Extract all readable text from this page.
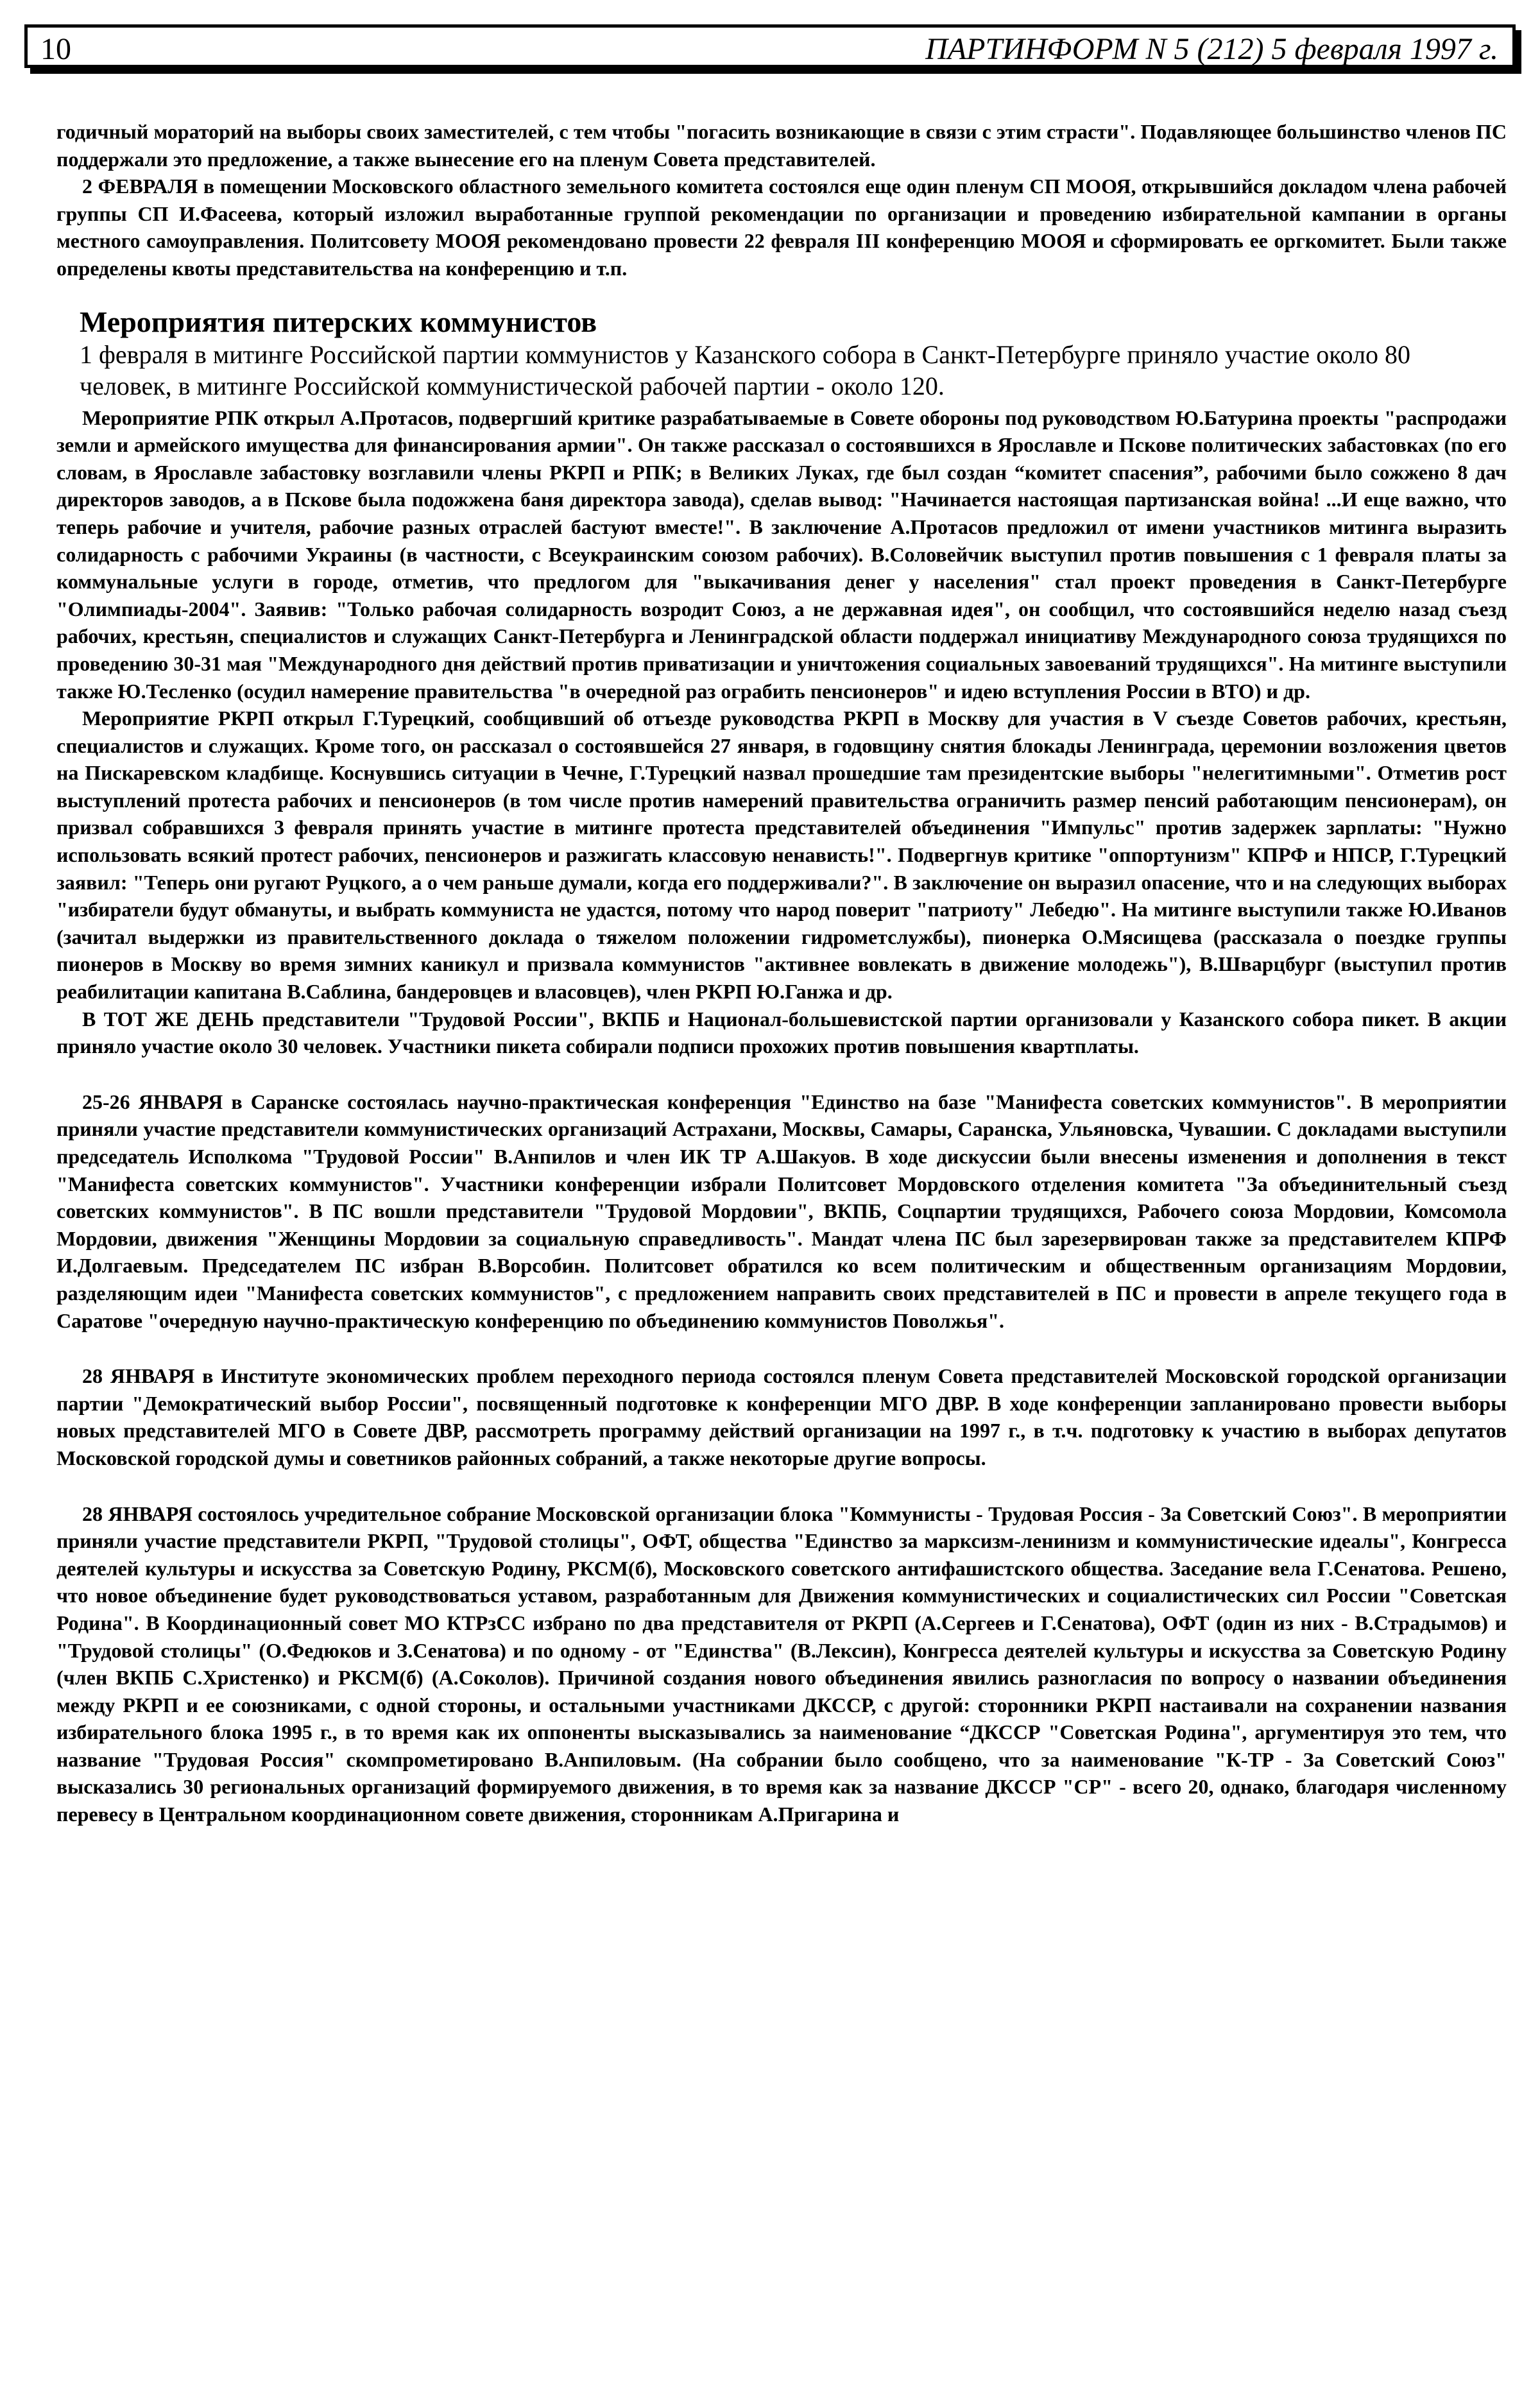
10	ПАРТИНФОРМ N 5 (212) 5 февраля 1997 г.

годичный мораторий на выборы своих заместителей, с тем чтобы "погасить возникающие в связи с этим страсти". Подавляющее большинство членов ПС поддержали это предложение, а также вынесение его на пленум Совета представителей.

2 ФЕВРАЛЯ в помещении Московского областного земельного комитета состоялся еще один пленум СП МООЯ, открывшийся докладом члена рабочей группы СП И.Фасеева, который изложил выработанные группой рекомендации по организации и проведению избирательной кампании в органы местного самоуправления. Политсовету МООЯ рекомендовано провести 22 февраля III конференцию МООЯ и сформировать ее оргкомитет. Были также определены квоты представительства на конференцию и т.п.

Мероприятия питерских коммунистов

1 февраля в митинге Российской партии коммунистов у Казанского собора в Санкт-Петербурге приняло участие около 80 человек, в митинге Российской коммунистической рабочей партии - около 120.

Мероприятие РПК открыл А.Протасов, подвергший критике разрабатываемые в Совете обороны под руководством Ю.Батурина проекты "распродажи земли и армейского имущества для финансирования армии". Он также рассказал о состоявшихся в Ярославле и Пскове политических забастовках (по его словам, в Ярославле забастовку возглавили члены РКРП и РПК; в Великих Луках, где был создан “комитет спасения”, рабочими было сожжено 8 дач директоров заводов, а в Пскове была подожжена баня директора завода), сделав вывод: "Начинается настоящая партизанская война! ...И еще важно, что теперь рабочие и учителя, рабочие разных отраслей бастуют вместе!". В заключение А.Протасов предложил от имени участников митинга выразить солидарность с рабочими Украины (в частности, с Всеукраинским союзом рабочих). В.Соловейчик выступил против повышения с 1 февраля платы за коммунальные услуги в городе, отметив, что предлогом для "выкачивания денег у населения" стал проект проведения в Санкт-Петербурге "Олимпиады-2004". Заявив: "Только рабочая солидарность возродит Союз, а не державная идея", он сообщил, что состоявшийся неделю назад съезд рабочих, крестьян, специалистов и служащих Санкт-Петербурга и Ленинградской области поддержал инициативу Международного союза трудящихся по проведению 30-31 мая "Международного дня действий против приватизации и уничтожения социальных завоеваний трудящихся". На митинге выступили также Ю.Тесленко (осудил намерение правительства "в очередной раз ограбить пенсионеров" и идею вступления России в ВТО) и др.

Мероприятие РКРП открыл Г.Турецкий, сообщивший об отъезде руководства РКРП в Москву для участия в V съезде Советов рабочих, крестьян, специалистов и служащих. Кроме того, он рассказал о состоявшейся 27 января, в годовщину снятия блокады Ленинграда, церемонии возложения цветов на Пискаревском кладбище. Коснувшись ситуации в Чечне, Г.Турецкий назвал прошедшие там президентские выборы "нелегитимными". Отметив рост выступлений протеста рабочих и пенсионеров (в том числе против намерений правительства ограничить размер пенсий работающим пенсионерам), он призвал собравшихся 3 февраля принять участие в митинге протеста представителей объединения "Импульс" против задержек зарплаты: "Нужно использовать всякий протест рабочих, пенсионеров и разжигать классовую ненависть!". Подвергнув критике "оппортунизм" КПРФ и НПСР, Г.Турецкий заявил: "Теперь они ругают Руцкого, а о чем раньше думали, когда его поддерживали?". В заключение он выразил опасение, что и на следующих выборах "избиратели будут обмануты, и выбрать коммуниста не удастся, потому что народ поверит "патриоту" Лебедю". На митинге выступили также Ю.Иванов (зачитал выдержки из правительственного доклада о тяжелом положении гидрометслужбы), пионерка О.Мясищева (рассказала о поездке группы пионеров в Москву во время зимних каникул и призвала коммунистов "активнее вовлекать в движение молодежь"), В.Шварцбург (выступил против реабилитации капитана В.Саблина, бандеровцев и власовцев), член РКРП Ю.Ганжа и др.

В ТОТ ЖЕ ДЕНЬ представители "Трудовой России", ВКПБ и Национал-большевистской партии организовали у Казанского собора пикет. В акции приняло участие около 30 человек. Участники пикета собирали подписи прохожих против повышения квартплаты.

25-26 ЯНВАРЯ в Саранске состоялась научно-практическая конференция "Единство на базе "Манифеста советских коммунистов". В мероприятии приняли участие представители коммунистических организаций Астрахани, Москвы, Самары, Саранска, Ульяновска, Чувашии. С докладами выступили председатель Исполкома "Трудовой России" В.Анпилов и член ИК ТР А.Шакуов. В ходе дискуссии были внесены изменения и дополнения в текст "Манифеста советских коммунистов". Участники конференции избрали Политсовет Мордовского отделения комитета "За объединительный съезд советских коммунистов". В ПС вошли представители "Трудовой Мордовии", ВКПБ, Соцпартии трудящихся, Рабочего союза Мордовии, Комсомола Мордовии, движения "Женщины Мордовии за социальную справедливость". Мандат члена ПС был зарезервирован также за представителем КПРФ И.Долгаевым. Председателем ПС избран В.Ворсобин. Политсовет обратился ко всем политическим и общественным организациям Мордовии, разделяющим идеи "Манифеста советских коммунистов", с предложением направить своих представителей в ПС и провести в апреле текущего года в Саратове "очередную научно-практическую конференцию по объединению коммунистов Поволжья".

28 ЯНВАРЯ в Институте экономических проблем переходного периода состоялся пленум Совета представителей Московской городской организации партии "Демократический выбор России", посвященный подготовке к конференции МГО ДВР. В ходе конференции запланировано провести выборы новых представителей МГО в Совете ДВР, рассмотреть программу действий организации на 1997 г., в т.ч. подготовку к участию в выборах депутатов Московской городской думы и советников районных собраний, а также некоторые другие вопросы.

28 ЯНВАРЯ состоялось учредительное собрание Московской организации блока "Коммунисты - Трудовая Россия - За Советский Союз". В мероприятии приняли участие представители РКРП, "Трудовой столицы", ОФТ, общества "Единство за марксизм-ленинизм и коммунистические идеалы", Конгресса деятелей культуры и искусства за Советскую Родину, РКСМ(б), Московского советского антифашистского общества. Заседание вела Г.Сенатова. Решено, что новое объединение будет руководствоваться уставом, разработанным для Движения коммунистических и социалистических сил России "Советская Родина". В Координационный совет МО КТРзСС избрано по два представителя от РКРП (А.Сергеев и Г.Сенатова), ОФТ (один из них - В.Страдымов) и "Трудовой столицы" (О.Федюков и З.Сенатова) и по одному - от "Единства" (В.Лексин), Конгресса деятелей культуры и искусства за Советскую Родину (член ВКПБ С.Христенко) и РКСМ(б) (А.Соколов). Причиной создания нового объединения явились разногласия по вопросу о названии объединения между РКРП и ее союзниками, с одной стороны, и остальными участниками ДКССР, с другой: сторонники РКРП настаивали на сохранении названия избирательного блока 1995 г., в то время как их оппоненты высказывались за наименование “ДКССР "Советская Родина", аргументируя это тем, что название "Трудовая Россия" скомпрометировано В.Анпиловым. (На собрании было сообщено, что за наименование "К-ТР - За Советский Союз" высказались 30 региональных организаций формируемого движения, в то время как за название ДКССР "СР" - всего 20, однако, благодаря численному перевесу в Центральном координационном совете движения, сторонникам А.Пригарина и
